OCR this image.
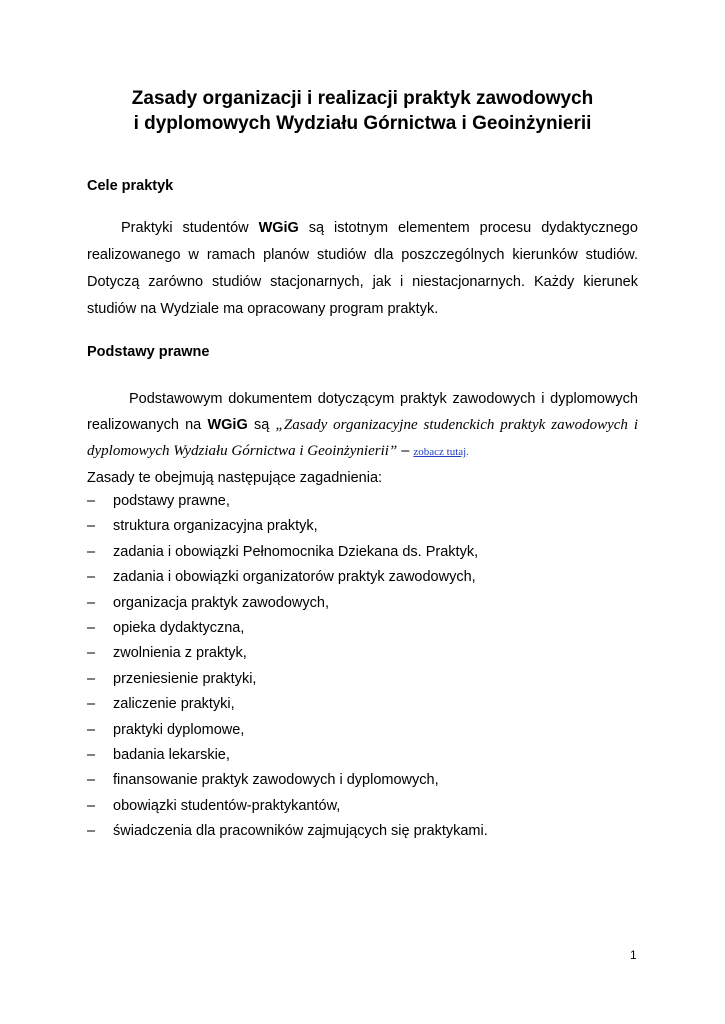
Zasady organizacji i realizacji praktyk zawodowych
i dyplomowych Wydziału Górnictwa i Geoinżynierii
Cele praktyk
Praktyki studentów WGiG są istotnym elementem procesu dydaktycznego
realizowanego w ramach planów studiów dla poszczególnych kierunków studiów.
Dotyczą zarówno studiów stacjonarnych, jak i niestacjonarnych. Każdy kierunek
studiów na Wydziale ma opracowany program praktyk.
Podstawy prawne
Podstawowym dokumentem dotyczącym praktyk zawodowych i dyplomowych
realizowanych na WGiG są „Zasady organizacyjne studenckich praktyk zawodowych i
dyplomowych Wydziału Górnictwa i Geoinżynierii” – zobacz tutaj.
Zasady te obejmują następujące zagadnienia:
–	podstawy prawne,
–	struktura organizacyjna praktyk,
–	zadania i obowiązki Pełnomocnika Dziekana ds. Praktyk,
–	zadania i obowiązki organizatorów praktyk zawodowych,
–	organizacja praktyk zawodowych,
–	opieka dydaktyczna,
–	zwolnienia z praktyk,
–	przeniesienie praktyki,
–	zaliczenie praktyki,
–	praktyki dyplomowe,
–	badania lekarskie,
–	finansowanie praktyk zawodowych i dyplomowych,
–	obowiązki studentów-praktykantów,
–	świadczenia dla pracowników zajmujących się praktykami.
1
